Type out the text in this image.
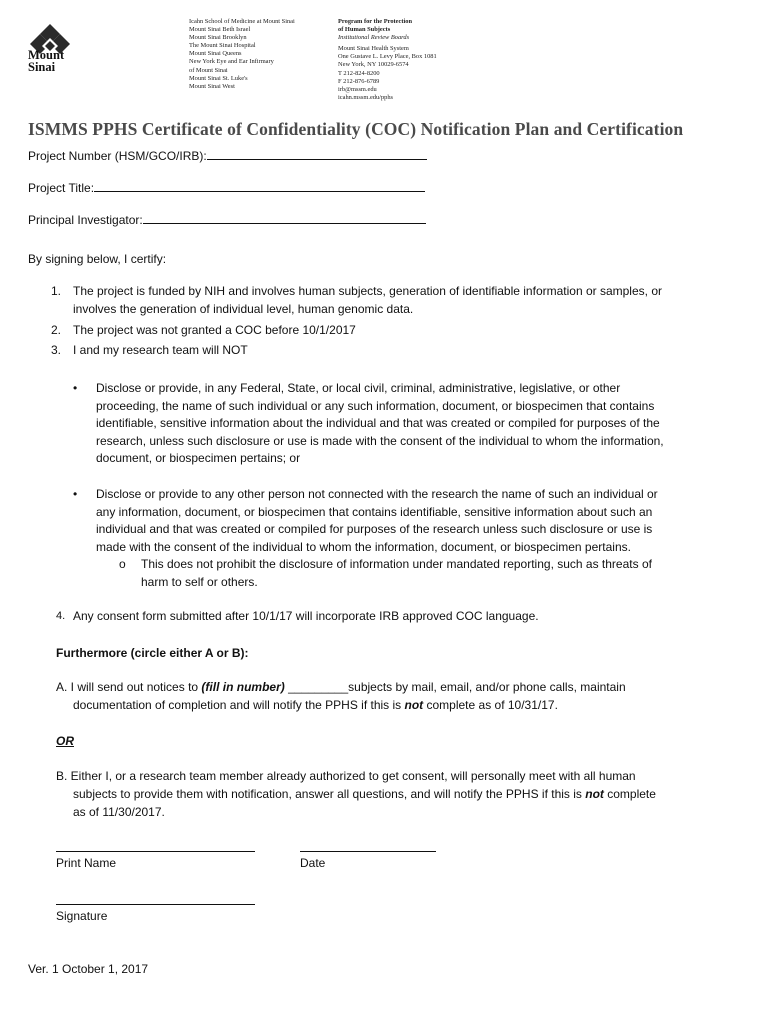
Mount
Sinai
Icahn School of Medicine at Mount Sinai
Mount Sinai Beth Israel
Mount Sinai Brooklyn
The Mount Sinai Hospital
Mount Sinai Queens
New York Eye and Ear Infirmary
of Mount Sinai
Mount Sinai St. Luke's
Mount Sinai West
Program for the Protection
of Human Subjects
Institutional Review Boards
Mount Sinai Health System
One Gustave L. Levy Place, Box 1081
New York, NY 10029-6574
T 212-824-8200
F 212-876-6789
irb@mssm.edu
icahn.mssm.edu/pphs
ISMMS PPHS Certificate of Confidentiality (COC) Notification Plan and Certification
Project Number (HSM/GCO/IRB):
Project Title:
Principal Investigator:
By signing below, I certify:
1. The project is funded by NIH and involves human subjects, generation of identifiable information or samples, or
involves the generation of individual level, human genomic data.
2. The project was not granted a COC before 10/1/2017
3. I and my research team will NOT
• Disclose or provide, in any Federal, State, or local civil, criminal, administrative, legislative, or other
proceeding, the name of such individual or any such information, document, or biospecimen that contains
identifiable, sensitive information about the individual and that was created or compiled for purposes of the
research, unless such disclosure or use is made with the consent of the individual to whom the information,
document, or biospecimen pertains; or
• Disclose or provide to any other person not connected with the research the name of such an individual or
any information, document, or biospecimen that contains identifiable, sensitive information about such an
individual and that was created or compiled for purposes of the research unless such disclosure or use is
made with the consent of the individual to whom the information, document, or biospecimen pertains.
o This does not prohibit the disclosure of information under mandated reporting, such as threats of
harm to self or others.
4. Any consent form submitted after 10/1/17 will incorporate IRB approved COC language.
Furthermore (circle either A or B):
A. I will send out notices to (fill in number) _________subjects by mail, email, and/or phone calls, maintain
documentation of completion and will notify the PPHS if this is not complete as of 10/31/17.
OR
B. Either I, or a research team member already authorized to get consent, will personally meet with all human
subjects to provide them with notification, answer all questions, and will notify the PPHS if this is not complete
as of 11/30/2017.
Print Name	Date
Signature
Ver. 1 October 1, 2017
